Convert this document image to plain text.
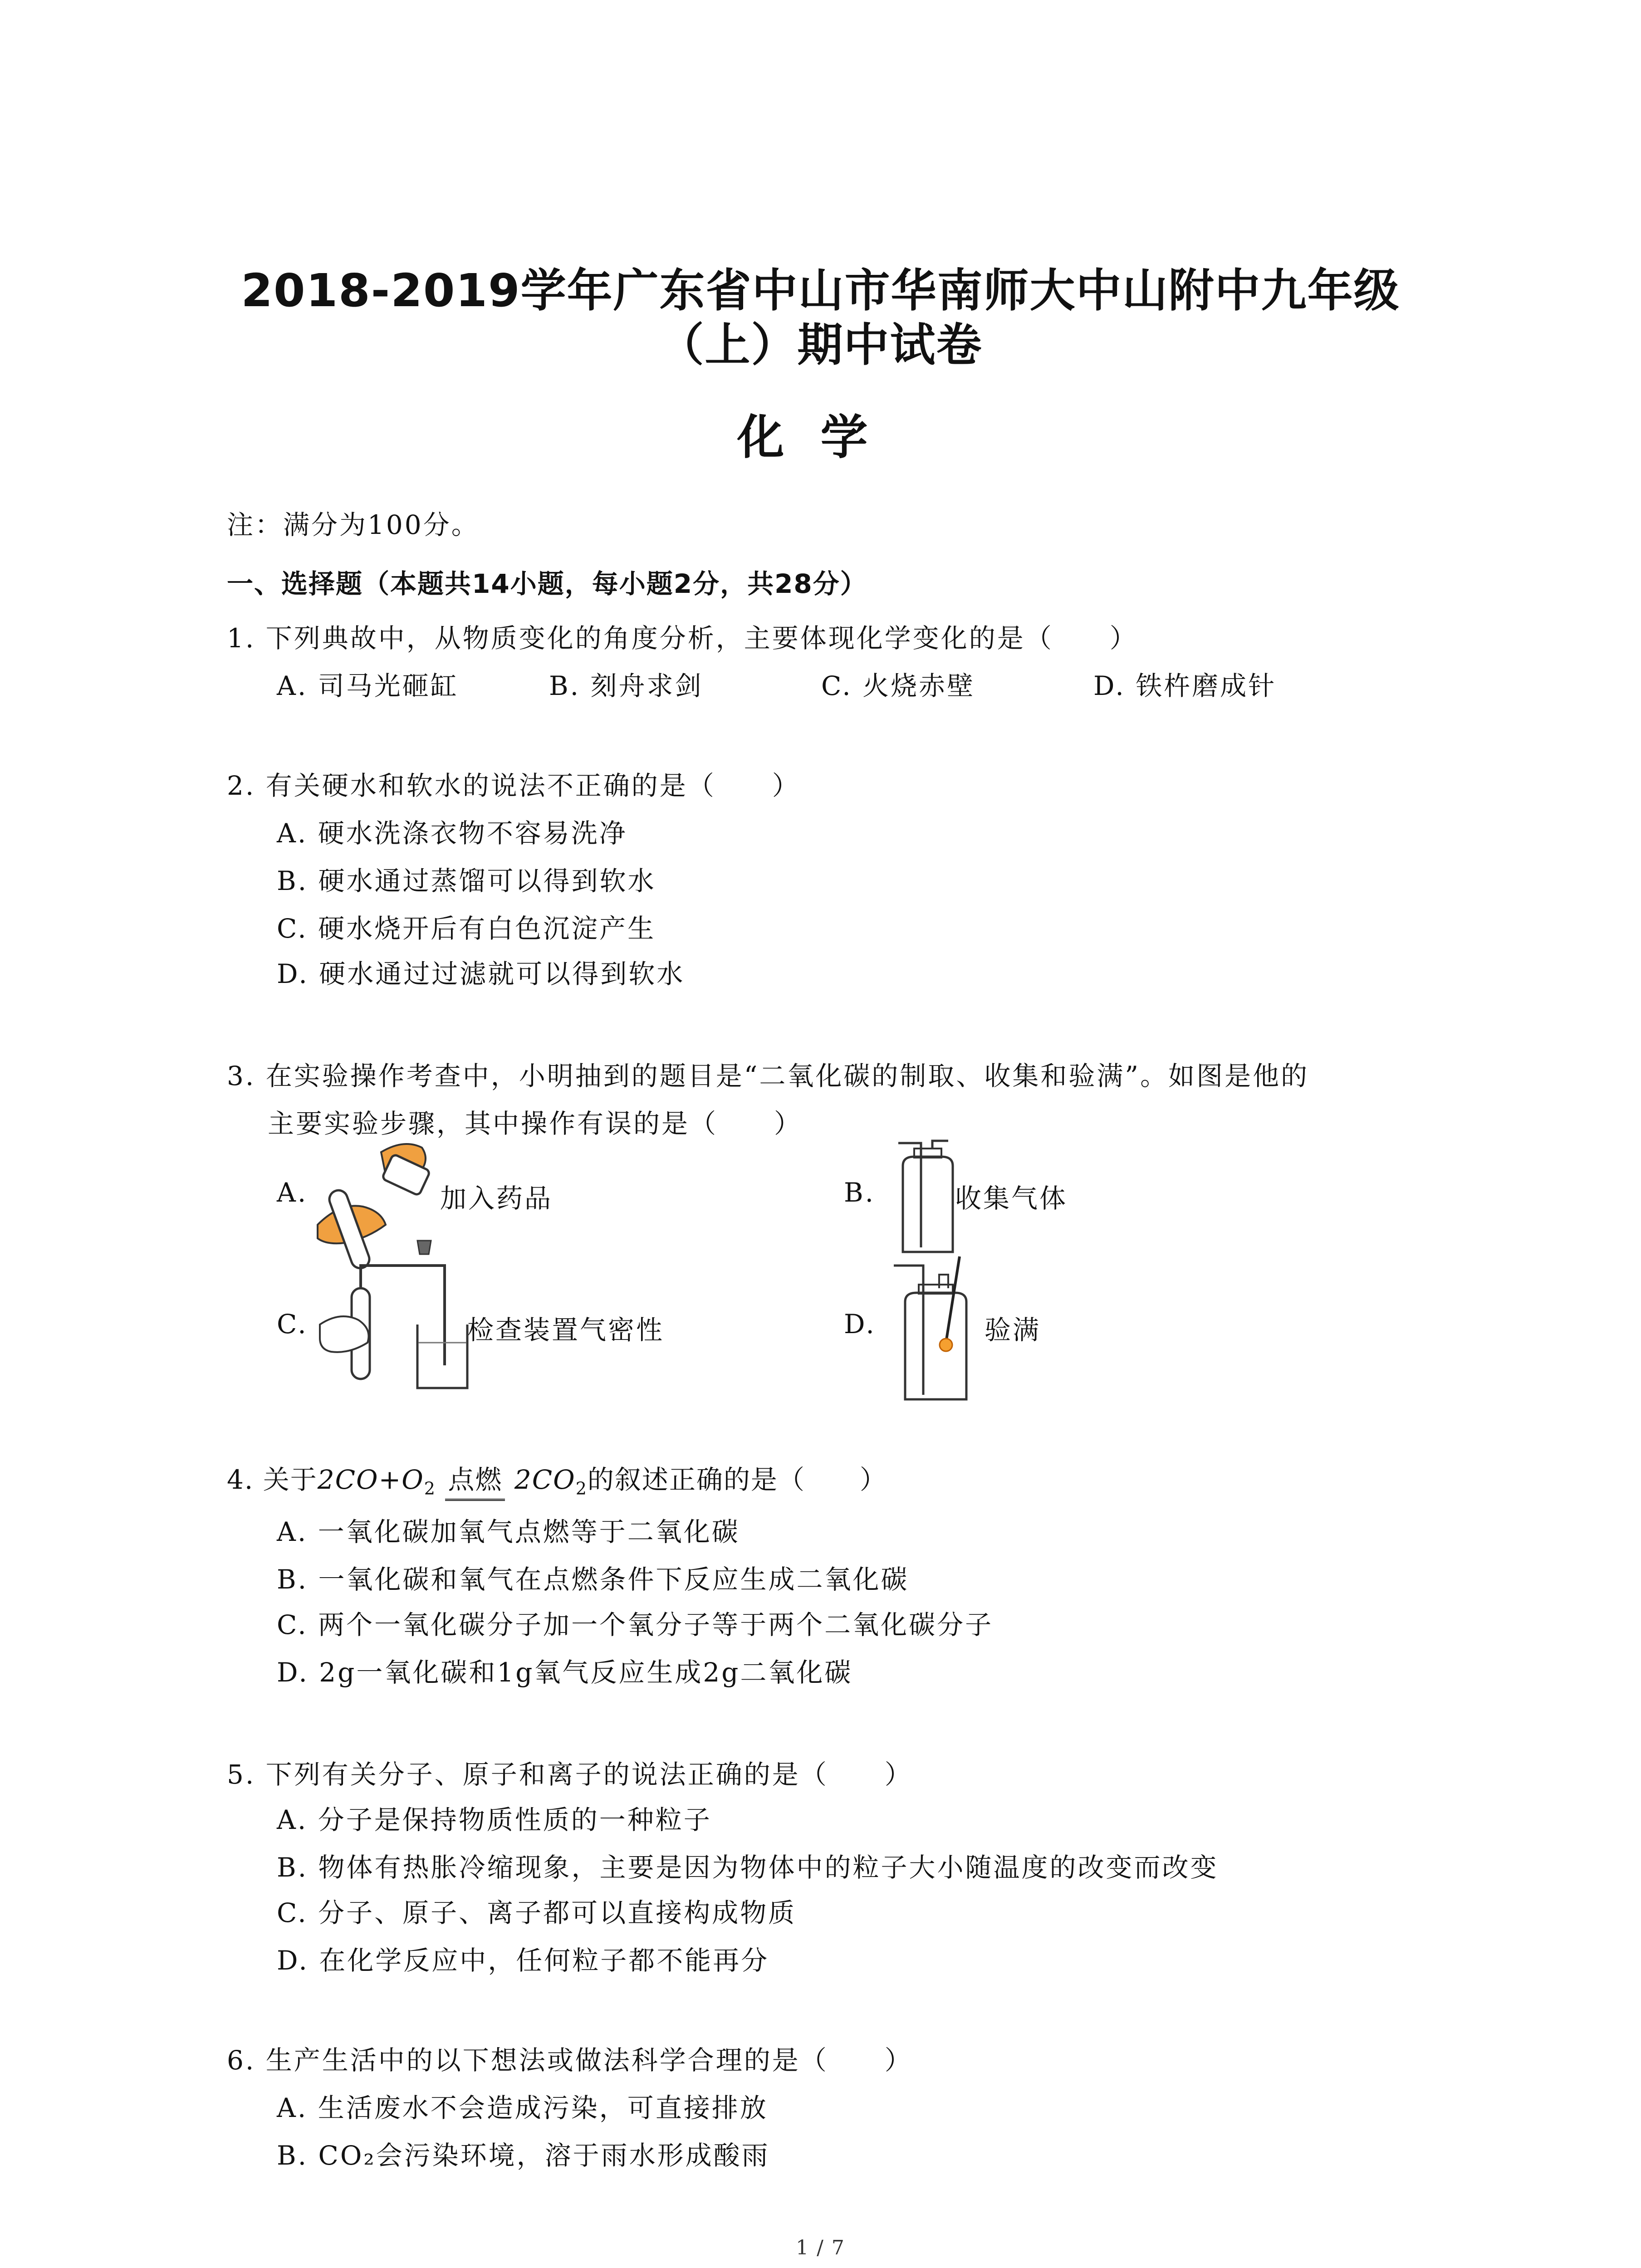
2018-2019学年广东省中山市华南师大中山附中九年级
（上）期中试卷
化学
注：满分为100分。
一、选择题（本题共14小题，每小题2分，共28分）
1. 下列典故中，从物质变化的角度分析，主要体现化学变化的是（　　）
A. 司马光砸缸	B. 刻舟求剑	C. 火烧赤壁	D. 铁杵磨成针
2. 有关硬水和软水的说法不正确的是（　　）
A. 硬水洗涤衣物不容易洗净
B. 硬水通过蒸馏可以得到软水
C. 硬水烧开后有白色沉淀产生
D. 硬水通过过滤就可以得到软水
3. 在实验操作考查中，小明抽到的题目是“二氧化碳的制取、收集和验满”。如图是他的
主要实验步骤，其中操作有误的是（　　）
A.	加入药品	B.	收集气体
C.	检查装置气密性	D.	验满
4. 关于$2CO+O_2$ 点燃 $2CO_2$的叙述正确的是（　　）
A. 一氧化碳加氧气点燃等于二氧化碳
B. 一氧化碳和氧气在点燃条件下反应生成二氧化碳
C. 两个一氧化碳分子加一个氧分子等于两个二氧化碳分子
D. 2g一氧化碳和1g氧气反应生成2g二氧化碳
5. 下列有关分子、原子和离子的说法正确的是（　　）
A. 分子是保持物质性质的一种粒子
B. 物体有热胀冷缩现象，主要是因为物体中的粒子大小随温度的改变而改变
C. 分子、原子、离子都可以直接构成物质
D. 在化学反应中，任何粒子都不能再分
6. 生产生活中的以下想法或做法科学合理的是（　　）
A. 生活废水不会造成污染，可直接排放
B. CO₂会污染环境，溶于雨水形成酸雨
1 / 7
